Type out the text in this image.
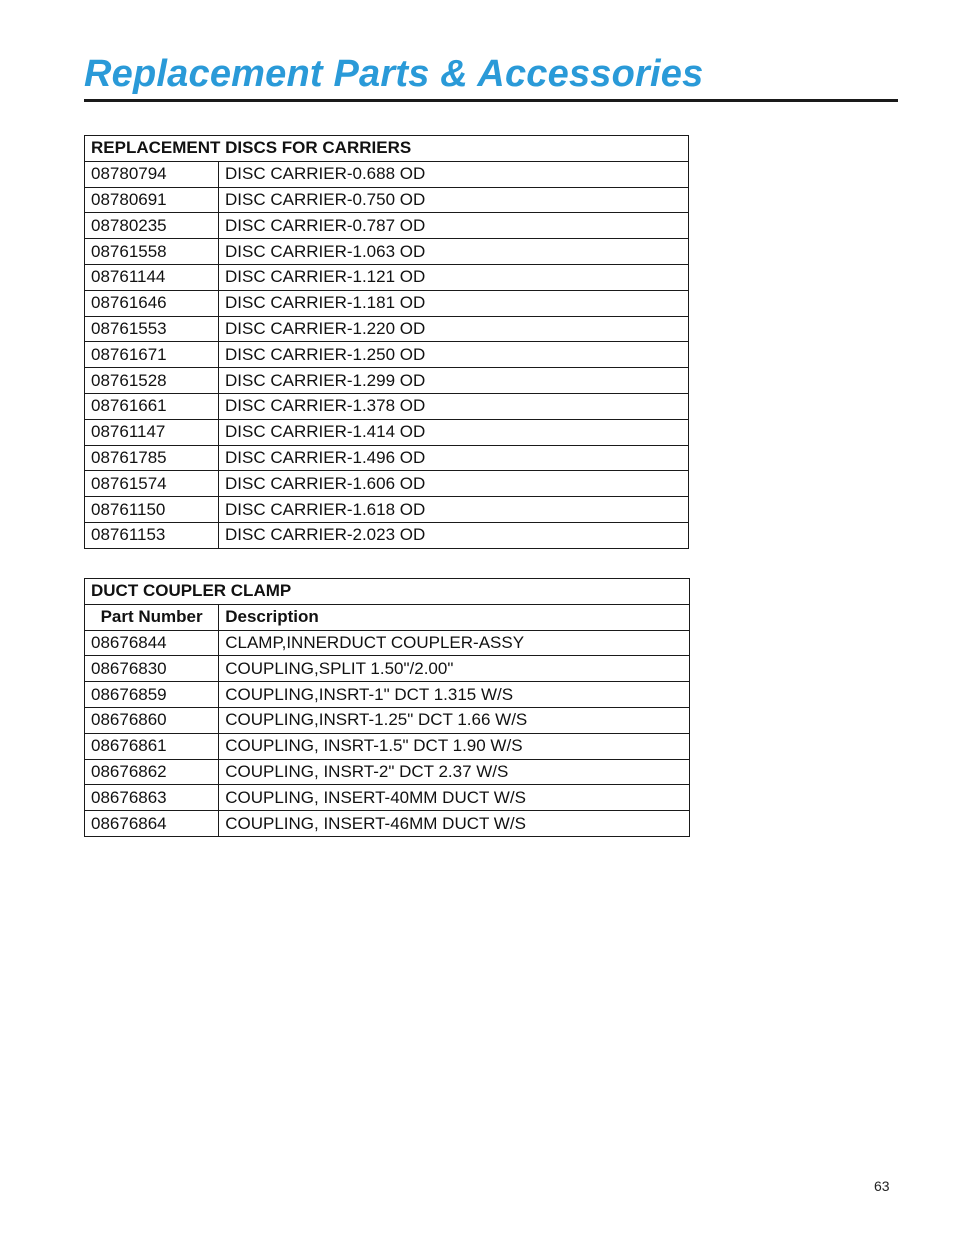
Replacement Parts & Accessories
REPLACEMENT DISCS FOR CARRIERS	
08780794	DISC CARRIER-0.688 OD
08780691	DISC CARRIER-0.750 OD
08780235	DISC CARRIER-0.787 OD
08761558	DISC CARRIER-1.063 OD
08761144	DISC CARRIER-1.121 OD
08761646	DISC CARRIER-1.181 OD
08761553	DISC CARRIER-1.220 OD
08761671	DISC CARRIER-1.250 OD
08761528	DISC CARRIER-1.299 OD
08761661	DISC CARRIER-1.378 OD
08761147	DISC CARRIER-1.414 OD
08761785	DISC CARRIER-1.496 OD
08761574	DISC CARRIER-1.606 OD
08761150	DISC CARRIER-1.618 OD
08761153	DISC CARRIER-2.023 OD
DUCT COUPLER CLAMP	
Part Number	Description
08676844	CLAMP,INNERDUCT COUPLER-ASSY
08676830	COUPLING,SPLIT 1.50"/2.00"
08676859	COUPLING,INSRT-1" DCT 1.315 W/S
08676860	COUPLING,INSRT-1.25" DCT 1.66 W/S
08676861	COUPLING, INSRT-1.5" DCT 1.90 W/S
08676862	COUPLING, INSRT-2" DCT 2.37 W/S
08676863	COUPLING, INSERT-40MM DUCT W/S
08676864	COUPLING, INSERT-46MM DUCT W/S
63
